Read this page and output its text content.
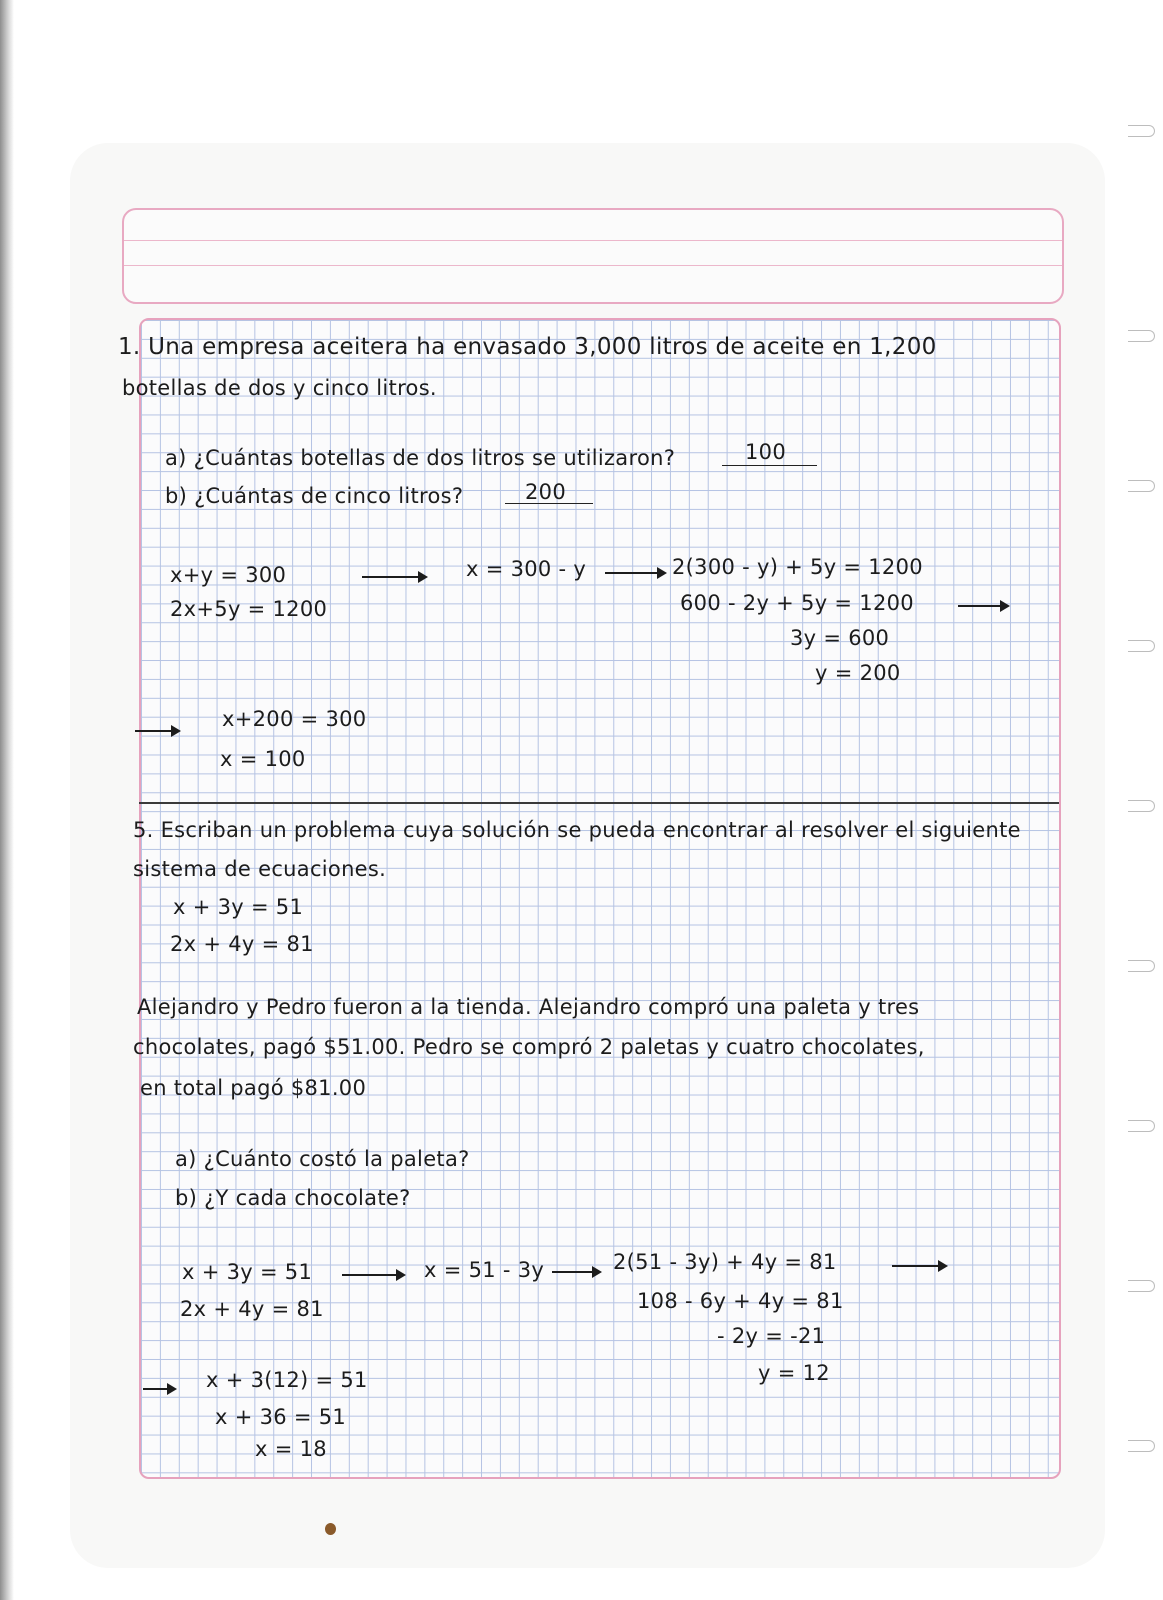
1. Una empresa aceitera ha envasado 3,000 litros de aceite en 1,200
botellas de dos y cinco litros.
a) ¿Cuántas botellas de dos litros se utilizaron?	100
b) ¿Cuántas de cinco litros?	200
x+y = 300
2x+5y = 1200
x = 300 - y	2(300 - y) + 5y = 1200
600 - 2y + 5y = 1200
3y = 600
y = 200
x+200 = 300
x = 100
5. Escriban un problema cuya solución se pueda encontrar al resolver el siguiente
sistema de ecuaciones.
x + 3y = 51
2x + 4y = 81
Alejandro y Pedro fueron a la tienda. Alejandro compró una paleta y tres
chocolates, pagó $51.00. Pedro se compró 2 paletas y cuatro chocolates,
en total pagó $81.00
a) ¿Cuánto costó la paleta?
b) ¿Y cada chocolate?
x + 3y = 51
2x + 4y = 81
x = 51 - 3y	2(51 - 3y) + 4y = 81
108 - 6y + 4y = 81
- 2y = -21
y = 12
x + 3(12) = 51
x + 36 = 51
x = 18
